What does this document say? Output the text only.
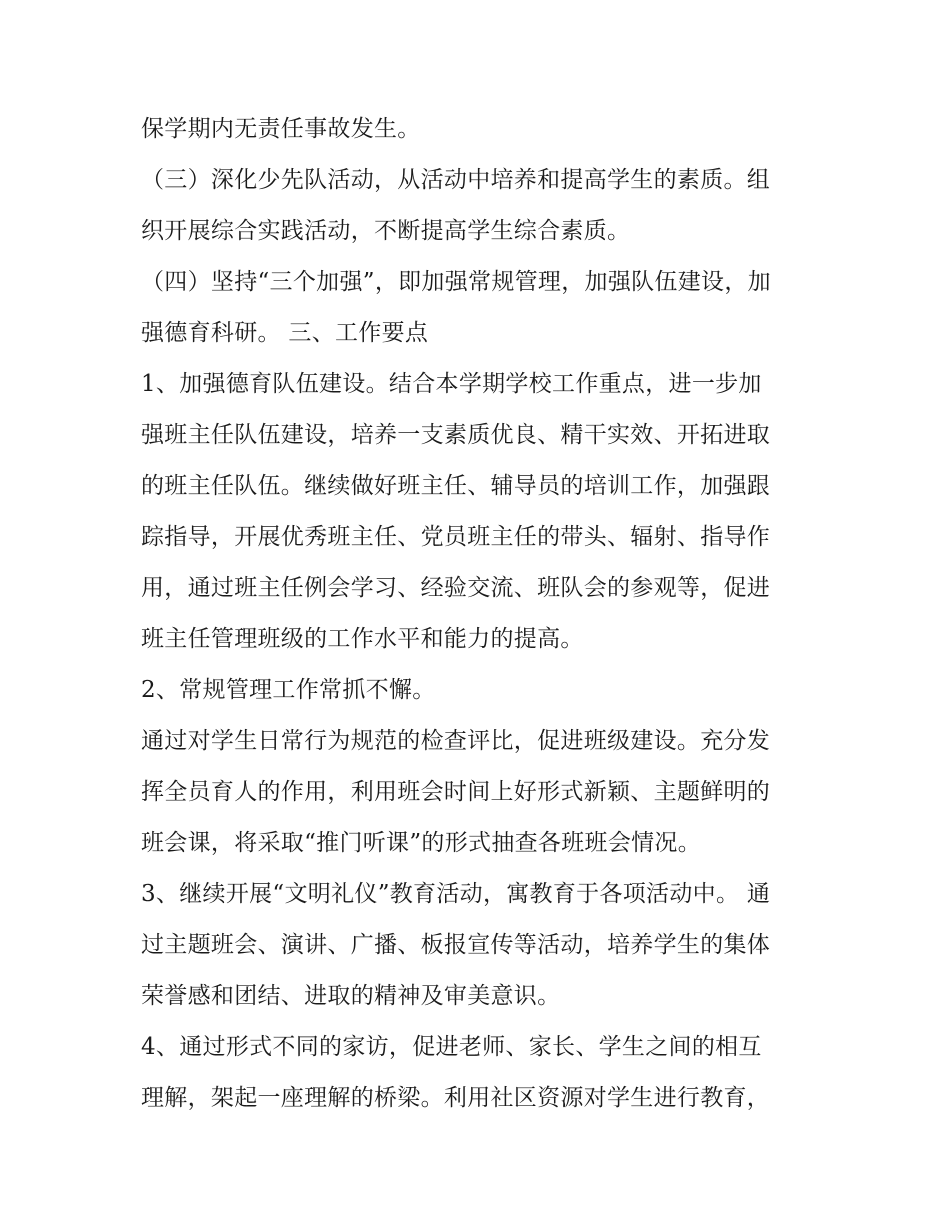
保学期内无责任事故发生。
（三）深化少先队活动，从活动中培养和提高学生的素质。组
织开展综合实践活动，不断提高学生综合素质。
（四）坚持“三个加强”，即加强常规管理，加强队伍建设，加
强德育科研。 三、工作要点
1、加强德育队伍建设。结合本学期学校工作重点，进一步加
强班主任队伍建设，培养一支素质优良、精干实效、开拓进取
的班主任队伍。继续做好班主任、辅导员的培训工作，加强跟
踪指导，开展优秀班主任、党员班主任的带头、辐射、指导作
用，通过班主任例会学习、经验交流、班队会的参观等，促进
班主任管理班级的工作水平和能力的提高。
2、常规管理工作常抓不懈。
通过对学生日常行为规范的检查评比，促进班级建设。充分发
挥全员育人的作用，利用班会时间上好形式新颖、主题鲜明的
班会课，将采取“推门听课”的形式抽查各班班会情况。
3、继续开展“文明礼仪”教育活动，寓教育于各项活动中。 通
过主题班会、演讲、广播、板报宣传等活动，培养学生的集体
荣誉感和团结、进取的精神及审美意识。
4、通过形式不同的家访，促进老师、家长、学生之间的相互
理解，架起一座理解的桥梁。利用社区资源对学生进行教育，
